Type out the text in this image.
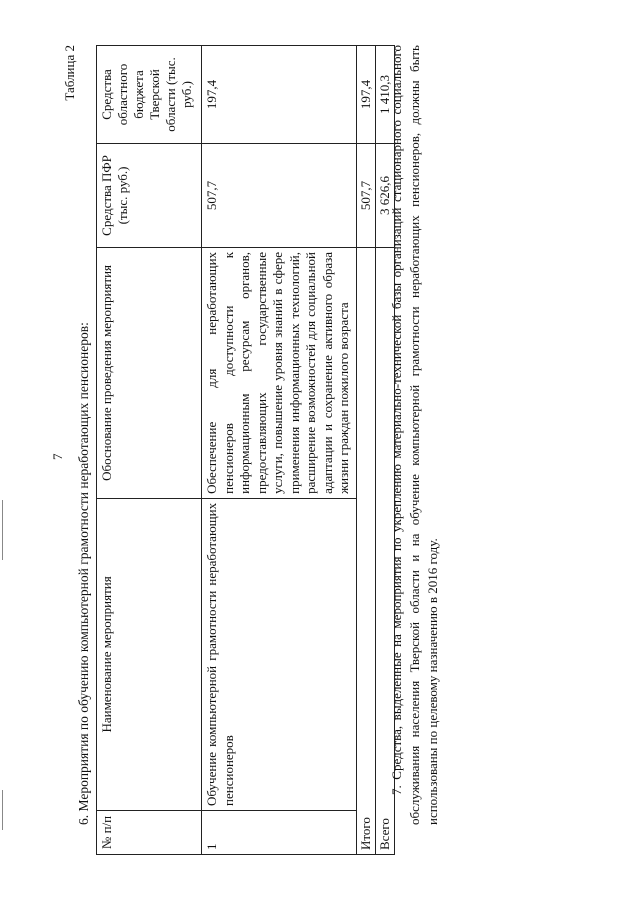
7
Таблица 2
6. Мероприятия по обучению компьютерной грамотности неработающих пенсионеров:
№ п/п	Наименование мероприятия	Обоснование проведения мероприятия	Средства ПФР (тыс. руб.)	Средства областного бюджета Тверской области (тыс. руб.)
1	Обучение компьютерной грамотности неработающих пенсионеров	Обеспечение для неработающих пенсионеров доступности к информационным ресурсам органов, предоставляющих государственные услуги, повышение уровня знаний в сфере применения информационных технологий, расширение возможностей для социальной адаптации и сохранение активного образа жизни граждан пожилого возраста	507,7	197,4
Итого			507,7	197,4
Всего			3 626,6	1 410,3
7. Средства, выделенные на мероприятия по укреплению материально-технической базы организаций стационарного социального обслуживания населения Тверской области и на обучение компьютерной грамотности неработающих пенсионеров, должны быть использованы по целевому назначению в 2016 году.
